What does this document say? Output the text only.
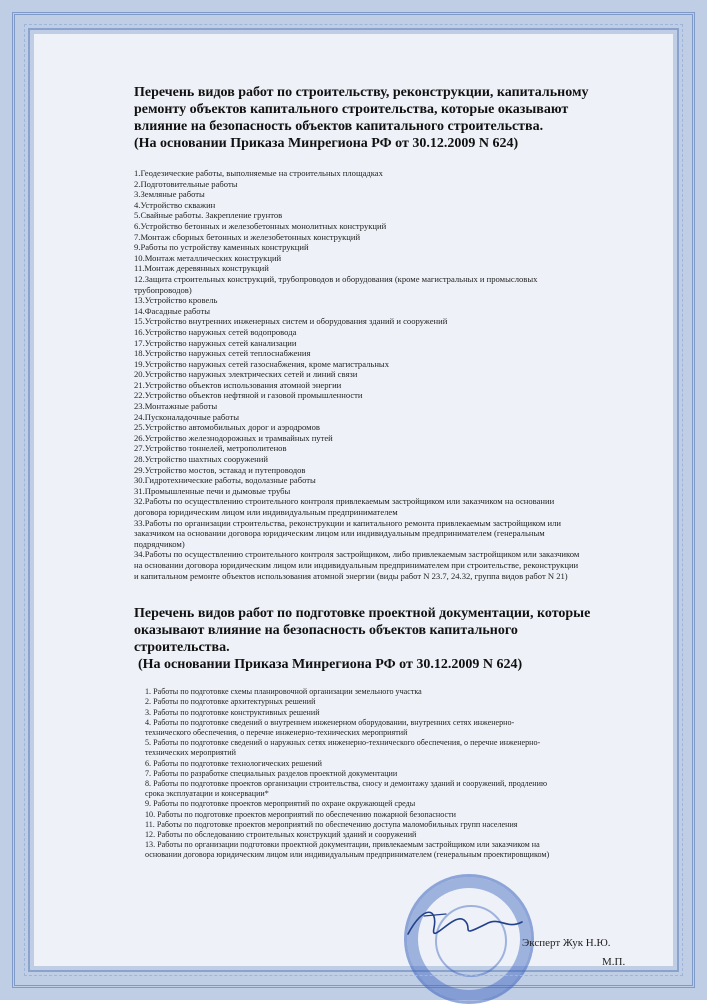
Перечень видов работ по строительству, реконструкции, капитальному
ремонту объектов капитального строительства, которые оказывают
влияние на безопасность объектов капитального строительства.
(На основании Приказа Минрегиона РФ от 30.12.2009 N 624)
1.Геодезические работы, выполняемые на строительных площадках
2.Подготовительные работы
3.Земляные работы
4.Устройство скважин
5.Свайные работы. Закрепление грунтов
6.Устройство бетонных и железобетонных монолитных конструкций
7.Монтаж сборных бетонных и железобетонных конструкций
9.Работы по устройству каменных конструкций
10.Монтаж металлических конструкций
11.Монтаж деревянных конструкций
12.Защита строительных конструкций, трубопроводов и оборудования (кроме магистральных и промысловых
трубопроводов)
13.Устройство кровель
14.Фасадные работы
15.Устройство внутренних инженерных систем и оборудования зданий и сооружений
16.Устройство наружных сетей водопровода
17.Устройство наружных сетей канализации
18.Устройство наружных сетей теплоснабжения
19.Устройство наружных сетей газоснабжения, кроме магистральных
20.Устройство наружных электрических сетей и линий связи
21.Устройство объектов использования атомной энергии
22.Устройство объектов нефтяной и газовой промышленности
23.Монтажные работы
24.Пусконаладочные работы
25.Устройство автомобильных дорог и аэродромов
26.Устройство железнодорожных и трамвайных путей
27.Устройство тоннелей, метрополитенов
28.Устройство шахтных сооружений
29.Устройство мостов, эстакад и путепроводов
30.Гидротехнические работы, водолазные работы
31.Промышленные печи и дымовые трубы
32.Работы по осуществлению строительного контроля привлекаемым застройщиком или заказчиком на основании
договора юридическим лицом или индивидуальным предпринимателем
33.Работы по организации строительства, реконструкции и капитального ремонта привлекаемым застройщиком или
заказчиком на основании договора юридическим лицом или индивидуальным предпринимателем (генеральным
подрядчиком)
34.Работы по осуществлению строительного контроля застройщиком, либо привлекаемым застройщиком или заказчиком
на основании договора юридическим лицом или индивидуальным предпринимателем при строительстве, реконструкции
и капитальном ремонте объектов использования атомной энергии (виды работ N 23.7, 24.32, группа видов работ N 21)
Перечень видов работ по подготовке проектной документации, которые
оказывают влияние на безопасность объектов капитального
строительства.
(На основании Приказа Минрегиона РФ от 30.12.2009 N 624)
1. Работы по подготовке схемы планировочной организации земельного участка
2. Работы по подготовке архитектурных решений
3. Работы по подготовке конструктивных решений
4. Работы по подготовке сведений о внутреннем инженерном оборудовании, внутренних сетях инженерно-
технического обеспечения, о перечне инженерно-технических мероприятий
5. Работы по подготовке сведений о наружных сетях инженерно-технического обеспечения, о перечне инженерно-
технических мероприятий
6. Работы по подготовке технологических решений
7. Работы по разработке специальных разделов проектной документации
8. Работы по подготовке проектов организации строительства, сносу и демонтажу зданий и сооружений, продлению
срока эксплуатации и консервации*
9. Работы по подготовке проектов мероприятий по охране окружающей среды
10. Работы по подготовке проектов мероприятий по обеспечению пожарной безопасности
11. Работы по подготовке проектов мероприятий по обеспечению доступа маломобильных групп населения
12. Работы по обследованию строительных конструкций зданий и сооружений
13. Работы по организации подготовки проектной документации, привлекаемым застройщиком или заказчиком на
основании договора юридическим лицом или индивидуальным предпринимателем (генеральным проектировщиком)
Эксперт Жук Н.Ю.
М.П.
